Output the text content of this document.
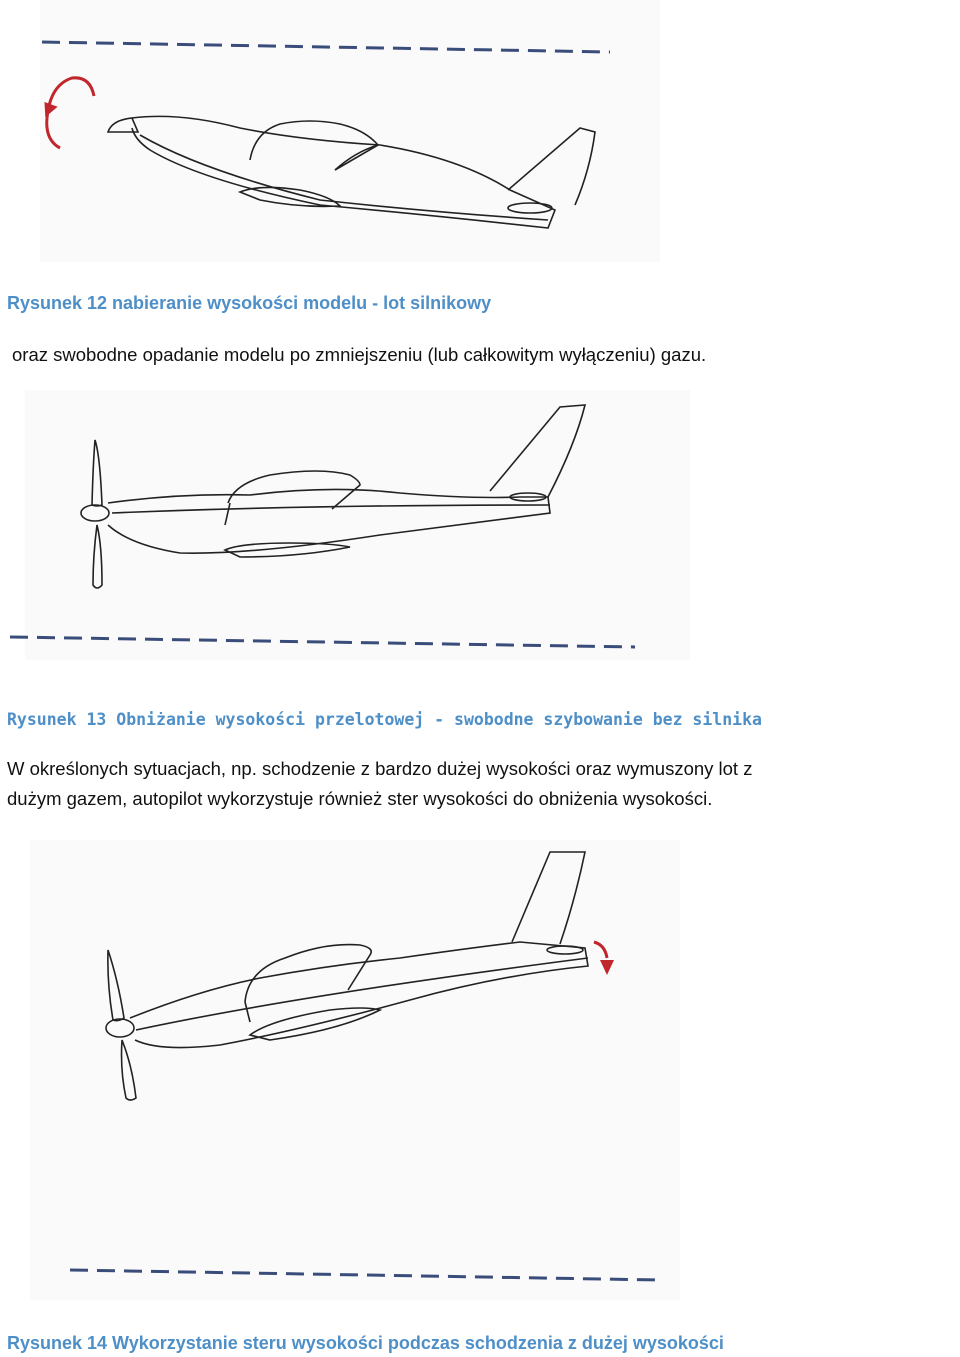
Rysunek 12 nabieranie wysokości modelu - lot silnikowy
oraz swobodne opadanie modelu po zmniejszeniu (lub całkowitym wyłączeniu) gazu.
Rysunek 13 Obniżanie wysokości przelotowej - swobodne szybowanie bez silnika
W określonych sytuacjach, np. schodzenie z bardzo dużej wysokości oraz wymuszony lot z
dużym gazem, autopilot wykorzystuje również ster wysokości do obniżenia wysokości.
Rysunek 14 Wykorzystanie steru wysokości podczas schodzenia z dużej wysokości
